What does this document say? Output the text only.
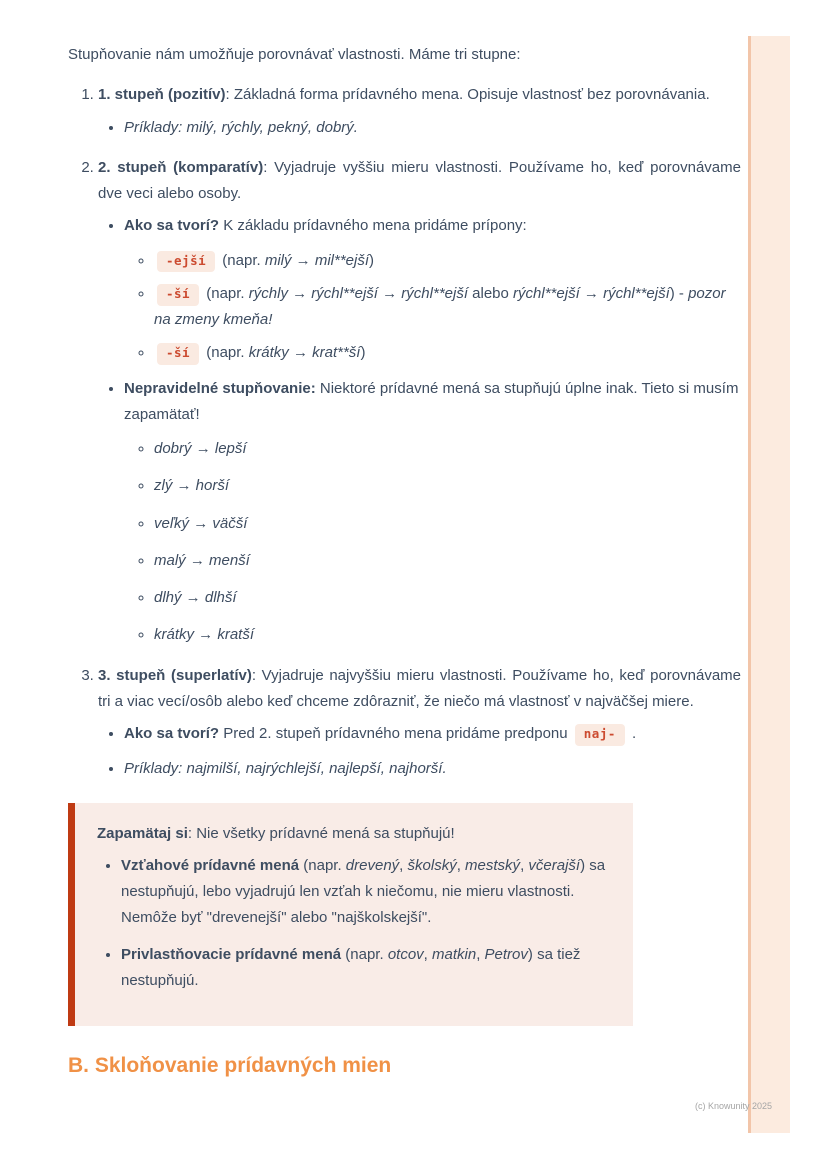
Stupňovanie nám umožňuje porovnávať vlastnosti. Máme tri stupne:

1. 1. stupeň (pozitív): Základná forma prídavného mena. Opisuje vlastnosť bez porovnávania.

• Príklady: milý, rýchly, pekný, dobrý.

2. 2. stupeň (komparatív): Vyjadruje vyššiu mieru vlastnosti. Používame ho, keď porovnávame dve veci alebo osoby.

• Ako sa tvorí? K základu prídavného mena pridáme prípony:
◦ -ejší (napr. milý → mil**ejší)
◦ -ší (napr. rýchly → rýchl**ejší → rýchl**ejší alebo rýchl**ejší → rýchl**ejší) - pozor na zmeny kmeňa!
◦ -ší (napr. krátky → krat**ší)
• Nepravidelné stupňovanie: Niektoré prídavné mená sa stupňujú úplne inak. Tieto si musím zapamätať!
◦ dobrý → lepší
◦ zlý → horší
◦ veľký → väčší
◦ malý → menší
◦ dlhý → dlhší
◦ krátky → kratší

3. 3. stupeň (superlatív): Vyjadruje najvyššiu mieru vlastnosti. Používame ho, keď porovnávame tri a viac vecí/osôb alebo keď chceme zdôrazniť, že niečo má vlastnosť v najväčšej miere.

• Ako sa tvorí? Pred 2. stupeň prídavného mena pridáme predponu naj- .
• Príklady: najmilší, najrýchlejší, najlepší, najhorší.

Zapamätaj si: Nie všetky prídavné mená sa stupňujú!

• Vzťahové prídavné mená (napr. drevený, školský, mestský, včerajší) sa nestupňujú, lebo vyjadrujú len vzťah k niečomu, nie mieru vlastnosti. Nemôže byť "drevenejší" alebo "najškolskejší".
• Privlastňovacie prídavné mená (napr. otcov, matkin, Petrov) sa tiež nestupňujú.
B. Skloňovanie prídavných mien
(c) Knowunity 2025
